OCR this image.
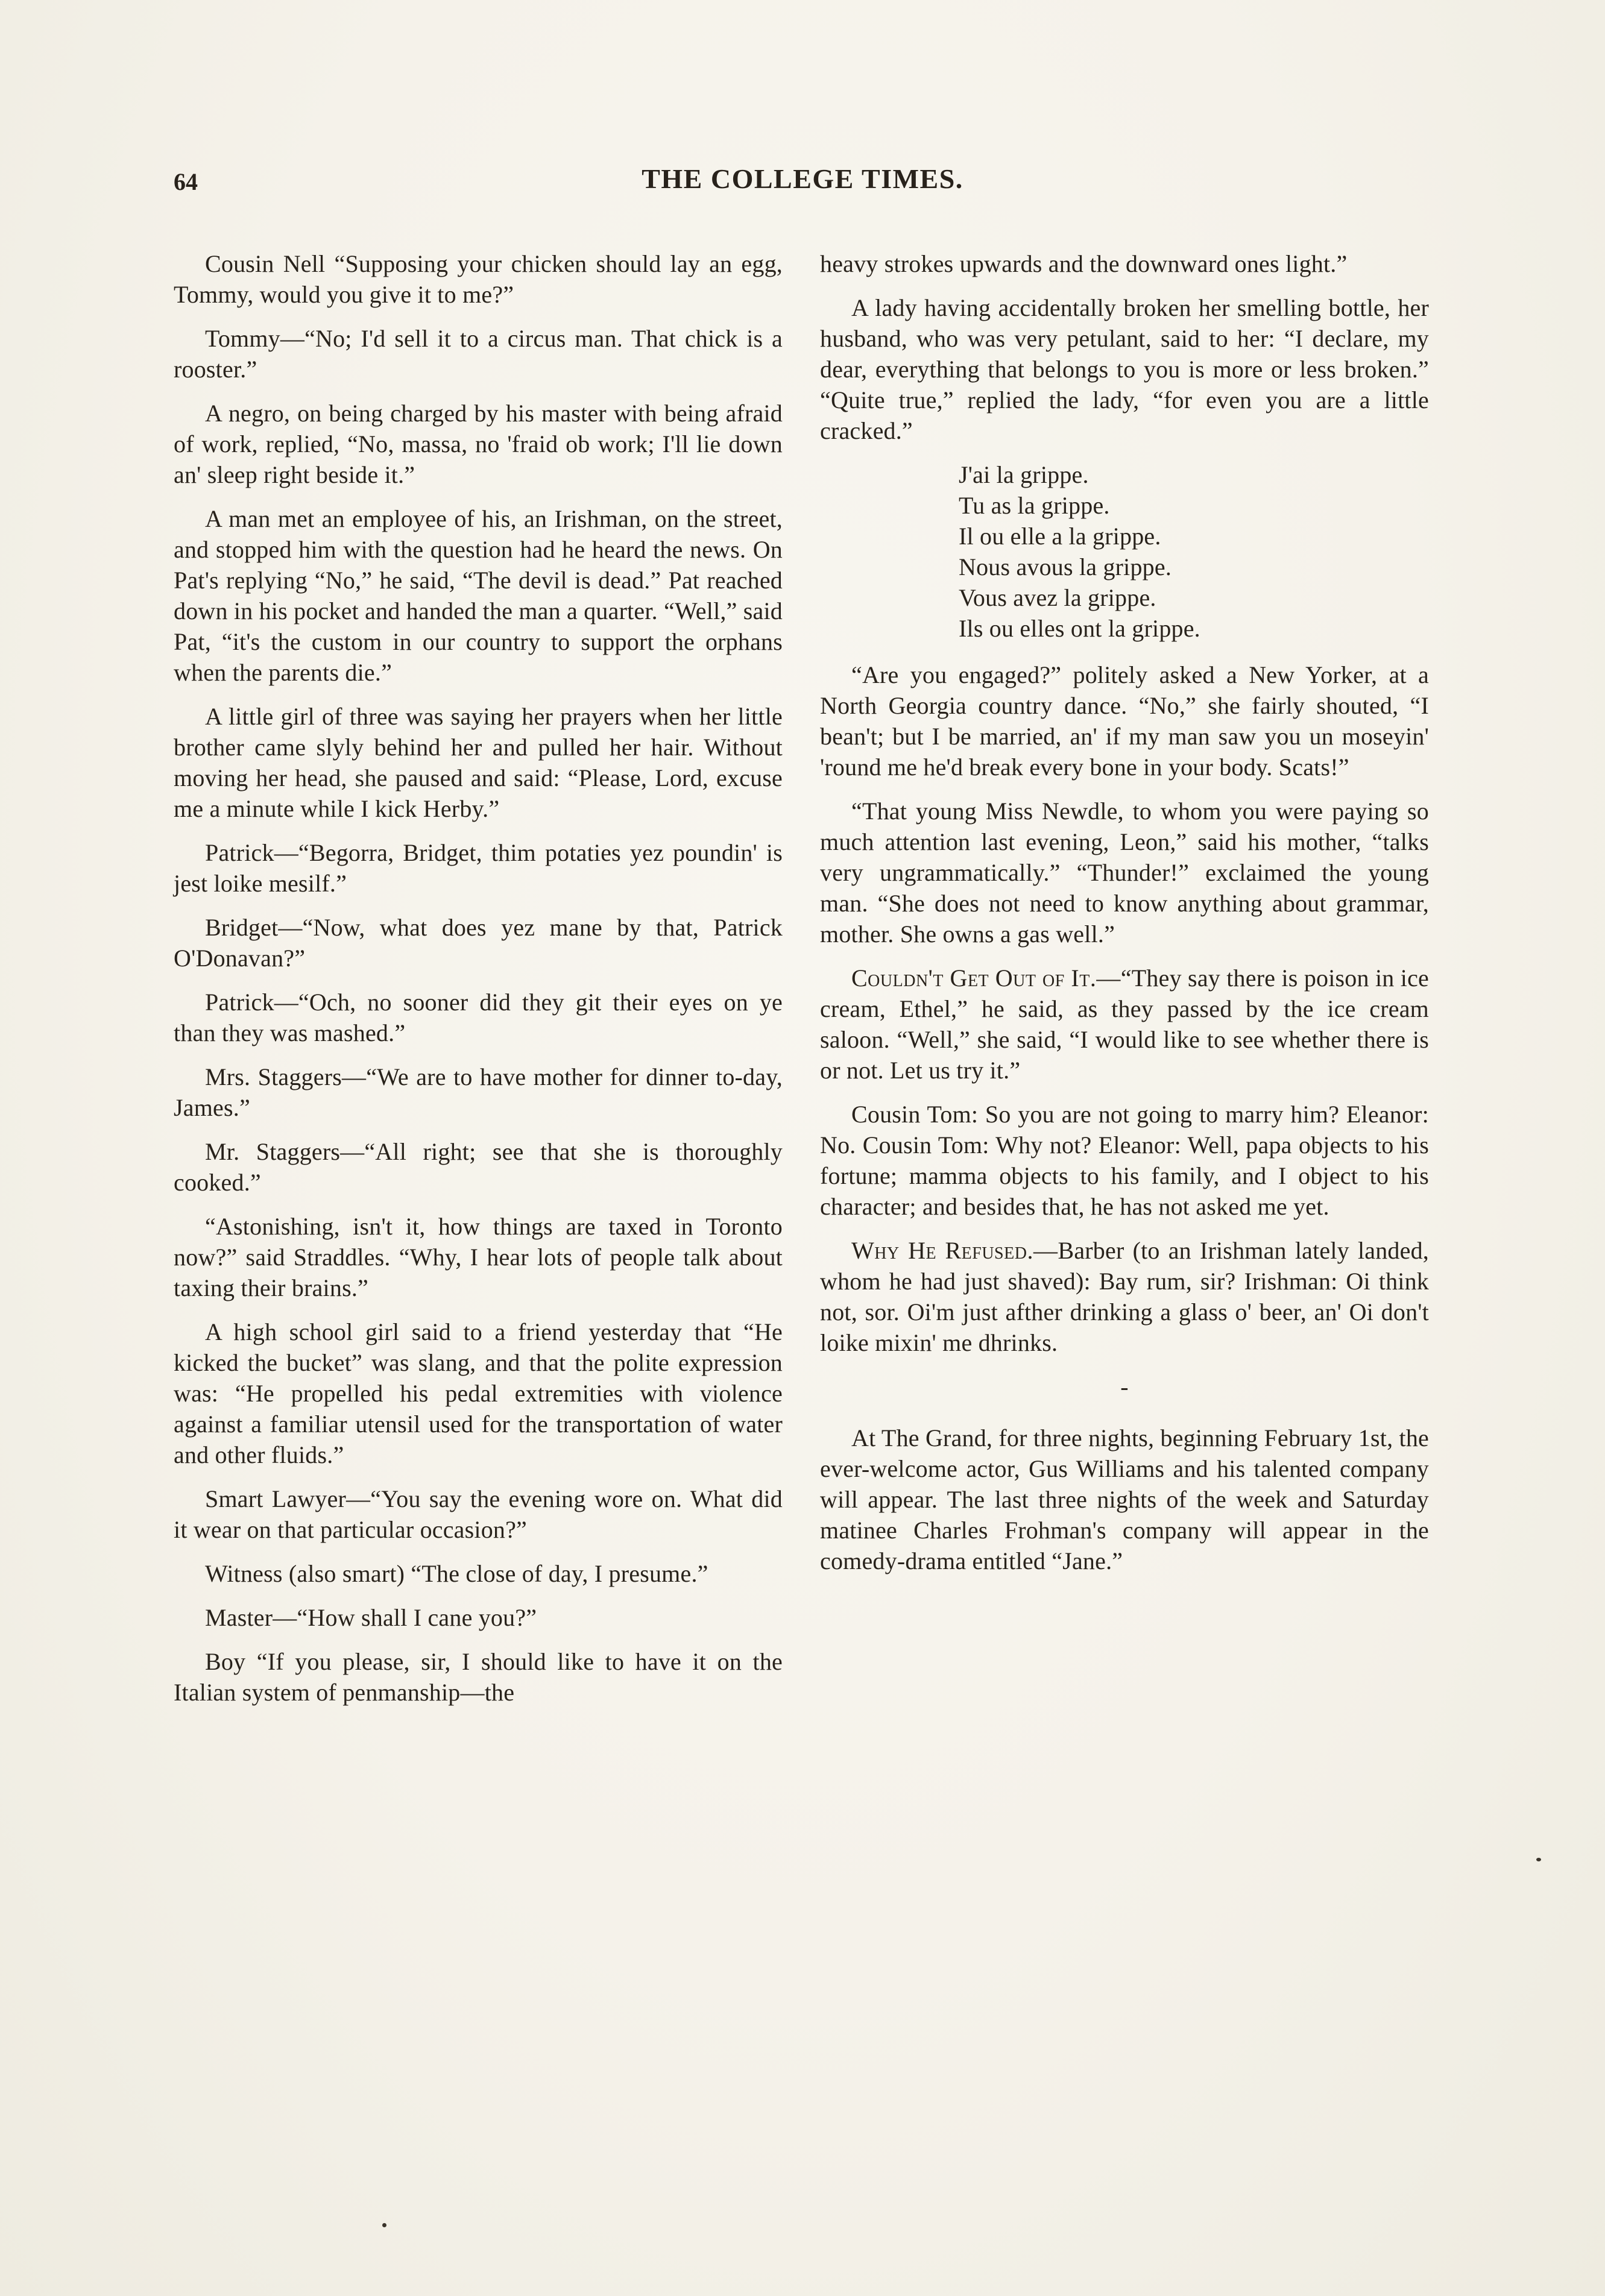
64	THE COLLEGE TIMES.

Cousin Nell “Supposing your chicken should lay an egg, Tommy, would you give it to me?”

Tommy—“No; I'd sell it to a circus man. That chick is a rooster.”

A negro, on being charged by his master with being afraid of work, replied, “No, massa, no 'fraid ob work; I'll lie down an' sleep right beside it.”

A man met an employee of his, an Irishman, on the street, and stopped him with the question had he heard the news. On Pat's replying “No,” he said, “The devil is dead.” Pat reached down in his pocket and handed the man a quarter. “Well,” said Pat, “it's the custom in our country to support the orphans when the parents die.”

A little girl of three was saying her prayers when her little brother came slyly behind her and pulled her hair. Without moving her head, she paused and said: “Please, Lord, excuse me a minute while I kick Herby.”

Patrick—“Begorra, Bridget, thim potaties yez poundin' is jest loike mesilf.”

Bridget—“Now, what does yez mane by that, Patrick O'Donavan?”

Patrick—“Och, no sooner did they git their eyes on ye than they was mashed.”

Mrs. Staggers—“We are to have mother for dinner to-day, James.”

Mr. Staggers—“All right; see that she is thoroughly cooked.”

“Astonishing, isn't it, how things are taxed in Toronto now?” said Straddles. “Why, I hear lots of people talk about taxing their brains.”

A high school girl said to a friend yesterday that “He kicked the bucket” was slang, and that the polite expression was: “He propelled his pedal extremities with violence against a familiar utensil used for the transportation of water and other fluids.”

Smart Lawyer—“You say the evening wore on. What did it wear on that particular occasion?”

Witness (also smart) “The close of day, I presume.”

Master—“How shall I cane you?”

Boy “If you please, sir, I should like to have it on the Italian system of penmanship—the

heavy strokes upwards and the downward ones light.”

A lady having accidentally broken her smelling bottle, her husband, who was very petulant, said to her: “I declare, my dear, everything that belongs to you is more or less broken.” “Quite true,” replied the lady, “for even you are a little cracked.”

J'ai la grippe.
Tu as la grippe.
Il ou elle a la grippe.
Nous avous la grippe.
Vous avez la grippe.
Ils ou elles ont la grippe.

“Are you engaged?” politely asked a New Yorker, at a North Georgia country dance. “No,” she fairly shouted, “I bean't; but I be married, an' if my man saw you un moseyin' 'round me he'd break every bone in your body. Scats!”

“That young Miss Newdle, to whom you were paying so much attention last evening, Leon,” said his mother, “talks very ungrammatically.” “Thunder!” exclaimed the young man. “She does not need to know anything about grammar, mother. She owns a gas well.”

Couldn't Get Out of It.—“They say there is poison in ice cream, Ethel,” he said, as they passed by the ice cream saloon. “Well,” she said, “I would like to see whether there is or not. Let us try it.”

Cousin Tom: So you are not going to marry him? Eleanor: No. Cousin Tom: Why not? Eleanor: Well, papa objects to his fortune; mamma objects to his family, and I object to his character; and besides that, he has not asked me yet.

Why He Refused.—Barber (to an Irishman lately landed, whom he had just shaved): Bay rum, sir? Irishman: Oi think not, sor. Oi'm just afther drinking a glass o' beer, an' Oi don't loike mixin' me dhrinks.

-

At The Grand, for three nights, beginning February 1st, the ever-welcome actor, Gus Williams and his talented company will appear. The last three nights of the week and Saturday matinee Charles Frohman's company will appear in the comedy-drama entitled “Jane.”
